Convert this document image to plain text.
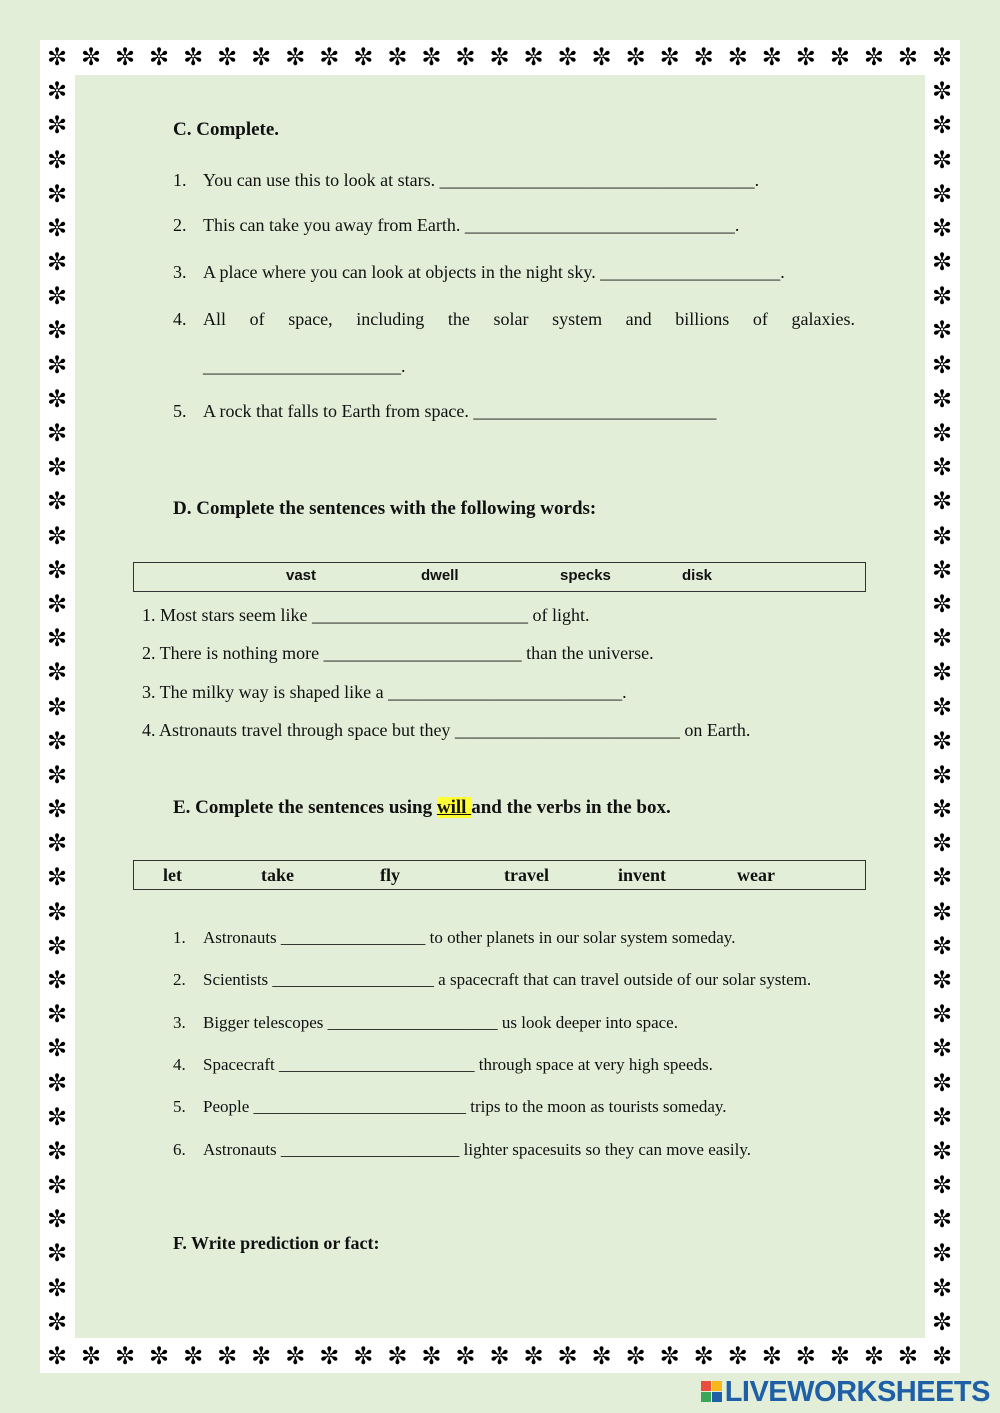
C. Complete.
1. You can use this to look at stars. ___________________________________.
2. This can take you away from Earth. ______________________________.
3. A place where you can look at objects in the night sky. ____________________.
4. All of space, including the solar system and billions of galaxies.
______________________.
5. A rock that falls to Earth from space. ___________________________
D. Complete the sentences with the following words:
vast	dwell	specks	disk
1. Most stars seem like ________________________ of light.
2. There is nothing more ______________________ than the universe.
3. The milky way is shaped like a __________________________.
4. Astronauts travel through space but they _________________________ on Earth.
E. Complete the sentences using will and the verbs in the box.
let	take	fly	travel	invent	wear
1. Astronauts _________________ to other planets in our solar system someday.
2. Scientists ___________________ a spacecraft that can travel outside of our solar system.
3. Bigger telescopes ____________________ us look deeper into space.
4. Spacecraft _______________________ through space at very high speeds.
5. People _________________________ trips to the moon as tourists someday.
6. Astronauts _____________________ lighter spacesuits so they can move easily.
F. Write prediction or fact:
LIVEWORKSHEETS
✼
✼
✼
✼
✼
✼
✼
✼
✼
✼
✼
✼
✼
✼
✼
✼
✼
✼
✼
✼
✼
✼
✼
✼
✼
✼
✼
✼
✼
✼
✼
✼
✼
✼
✼
✼
✼
✼
✼
✼
✼
✼
✼
✼
✼
✼
✼
✼
✼
✼
✼
✼
✼
✼
✼	✼
✼	✼
✼	✼
✼	✼
✼	✼
✼	✼
✼	✼
✼	✼
✼	✼
✼	✼
✼	✼
✼	✼
✼	✼
✼	✼
✼	✼
✼	✼
✼	✼
✼	✼
✼	✼
✼	✼
✼	✼
✼	✼
✼	✼
✼	✼
✼	✼
✼	✼
✼	✼
✼	✼
✼	✼
✼	✼
✼	✼
✼	✼
✼	✼
✼	✼
✼	✼
✼	✼
✼	✼
